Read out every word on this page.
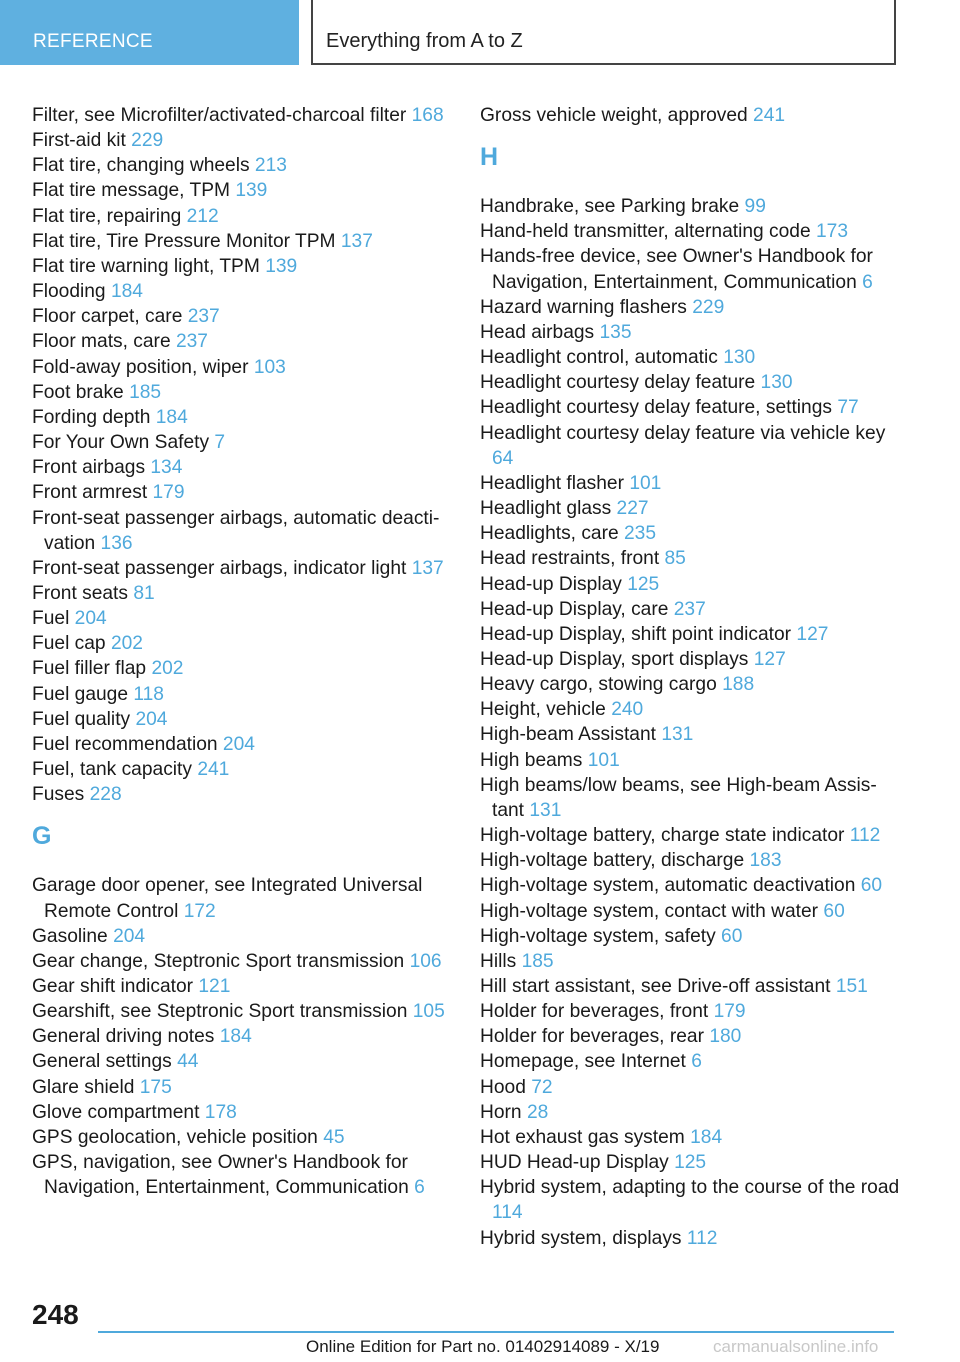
REFERENCE	Everything from A to Z
Filter, see Microfilter/activated-charcoal filter 168
First-aid kit 229
Flat tire, changing wheels 213
Flat tire message, TPM 139
Flat tire, repairing 212
Flat tire, Tire Pressure Monitor TPM 137
Flat tire warning light, TPM 139
Flooding 184
Floor carpet, care 237
Floor mats, care 237
Fold-away position, wiper 103
Foot brake 185
Fording depth 184
For Your Own Safety 7
Front airbags 134
Front armrest 179
Front-seat passenger airbags, automatic deactivation 136
Front-seat passenger airbags, indicator light 137
Front seats 81
Fuel 204
Fuel cap 202
Fuel filler flap 202
Fuel gauge 118
Fuel quality 204
Fuel recommendation 204
Fuel, tank capacity 241
Fuses 228
G
Garage door opener, see Integrated Universal Remote Control 172
Gasoline 204
Gear change, Steptronic Sport transmission 106
Gear shift indicator 121
Gearshift, see Steptronic Sport transmission 105
General driving notes 184
General settings 44
Glare shield 175
Glove compartment 178
GPS geolocation, vehicle position 45
GPS, navigation, see Owner's Handbook for Navigation, Entertainment, Communication 6
Gross vehicle weight, approved 241
H
Handbrake, see Parking brake 99
Hand-held transmitter, alternating code 173
Hands-free device, see Owner's Handbook for Navigation, Entertainment, Communication 6
Hazard warning flashers 229
Head airbags 135
Headlight control, automatic 130
Headlight courtesy delay feature 130
Headlight courtesy delay feature, settings 77
Headlight courtesy delay feature via vehicle key 64
Headlight flasher 101
Headlight glass 227
Headlights, care 235
Head restraints, front 85
Head-up Display 125
Head-up Display, care 237
Head-up Display, shift point indicator 127
Head-up Display, sport displays 127
Heavy cargo, stowing cargo 188
Height, vehicle 240
High-beam Assistant 131
High beams 101
High beams/low beams, see High-beam Assistant 131
High-voltage battery, charge state indicator 112
High-voltage battery, discharge 183
High-voltage system, automatic deactivation 60
High-voltage system, contact with water 60
High-voltage system, safety 60
Hills 185
Hill start assistant, see Drive-off assistant 151
Holder for beverages, front 179
Holder for beverages, rear 180
Homepage, see Internet 6
Hood 72
Horn 28
Hot exhaust gas system 184
HUD Head-up Display 125
Hybrid system, adapting to the course of the road 114
Hybrid system, displays 112
248
Online Edition for Part no. 01402914089 - X/19	carmanualsonline.info
